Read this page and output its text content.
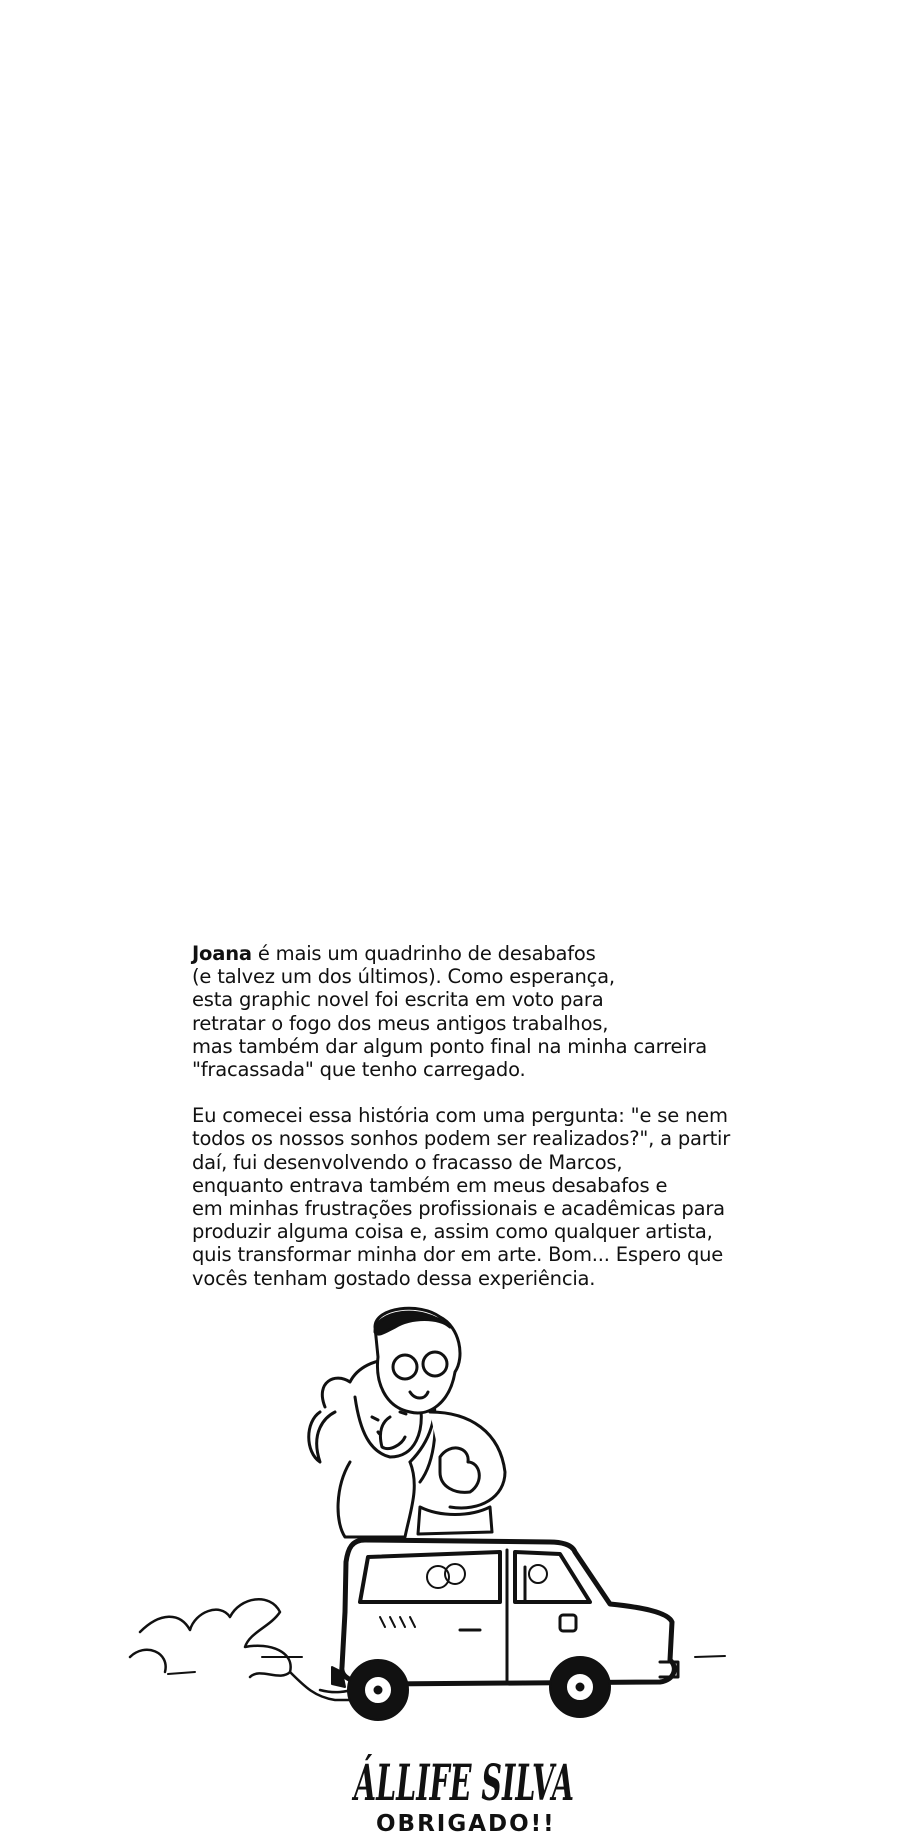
Joana é mais um quadrinho de desabafos
(e talvez um dos últimos). Como esperança,
esta graphic novel foi escrita em voto para
retratar o fogo dos meus antigos trabalhos,
mas também dar algum ponto final na minha carreira
"fracassada" que tenho carregado.

Eu comecei essa história com uma pergunta: "e se nem
todos os nossos sonhos podem ser realizados?", a partir
daí, fui desenvolvendo o fracasso de Marcos,
enquanto entrava também em meus desabafos e
em minhas frustrações profissionais e acadêmicas para
produzir alguma coisa e, assim como qualquer artista,
quis transformar minha dor em arte. Bom... Espero que
vocês tenham gostado dessa experiência.

ÁLLIFE SILVA
OBRIGADO!!
